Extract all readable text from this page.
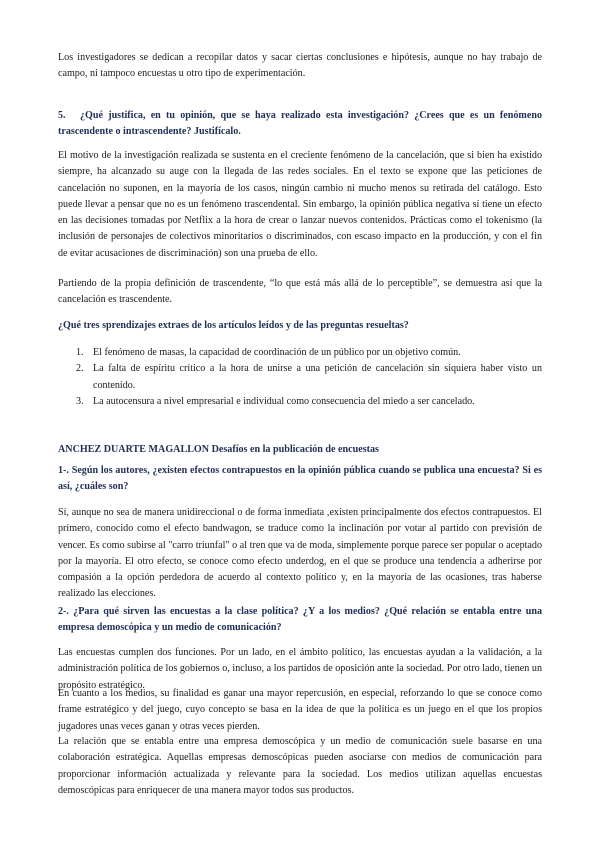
Los investigadores se dedican a recopilar datos y sacar ciertas conclusiones e hipótesis, aunque no hay trabajo de campo, ni tampoco encuestas u otro tipo de experimentación.

5. ¿Qué justifica, en tu opinión, que se haya realizado esta investigación? ¿Crees que es un fenómeno trascendente o intrascendente? Justifícalo.

El motivo de la investigación realizada se sustenta en el creciente fenómeno de la cancelación, que si bien ha existido siempre, ha alcanzado su auge con la llegada de las redes sociales. En el texto se expone que las peticiones de cancelación no suponen, en la mayoría de los casos, ningún cambio ni mucho menos su retirada del catálogo. Esto puede llevar a pensar que no es un fenómeno trascendental. Sin embargo, la opinión pública negativa sí tiene un efecto en las decisiones tomadas por Netflix a la hora de crear o lanzar nuevos contenidos. Prácticas como el tokenismo (la inclusión de personajes de colectivos minoritarios o discriminados, con escaso impacto en la producción, y con el fin de evitar acusaciones de discriminación) son una prueba de ello.

Partiendo de la propia definición de trascendente, “lo que está más allá de lo perceptible”, se demuestra así que la cancelación es trascendente.

¿Qué tres sprendizajes extraes de los artículos leídos y de las preguntas resueltas?

1. El fenómeno de masas, la capacidad de coordinación de un público por un objetivo común.
2. La falta de espíritu crítico a la hora de unirse a una petición de cancelación sin siquiera haber visto un contenido.
3. La autocensura a nivel empresarial e individual como consecuencia del miedo a ser cancelado.

ANCHEZ DUARTE MAGALLON Desafíos en la publicación de encuestas

1-. Según los autores, ¿existen efectos contrapuestos en la opinión pública cuando se publica una encuesta? Si es así, ¿cuáles son?

Sí, aunque no sea de manera unidireccional o de forma inmediata ,existen principalmente dos efectos contrapuestos. El primero, conocido como el efecto bandwagon, se traduce como la inclinación por votar al partido con previsión de vencer. Es como subirse al "carro triunfal" o al tren que va de moda, simplemente porque parece ser popular o aceptado por la mayoría. El otro efecto, se conoce como efecto underdog, en el que se produce una tendencia a adherirse por compasión a la opción perdedora de acuerdo al contexto político y, en la mayoría de las ocasiones, tras haberse realizado las elecciones.

2-. ¿Para qué sirven las encuestas a la clase política? ¿Y a los medios? ¿Qué relación se entabla entre una empresa demoscópica y un medio de comunicación?

Las encuestas cumplen dos funciones. Por un lado, en el ámbito político, las encuestas ayudan a la validación, a la administración política de los gobiernos o, incluso, a los partidos de oposición ante la sociedad. Por otro lado, tienen un propósito estratégico.

En cuanto a los medios, su finalidad es ganar una mayor repercusión, en especial, reforzando lo que se conoce como frame estratégico y del juego, cuyo concepto se basa en la idea de que la política es un juego en el que los propios jugadores unas veces ganan y otras veces pierden.

La relación que se entabla entre una empresa demoscópica y un medio de comunicación suele basarse en una colaboración estratégica. Aquellas empresas demoscópicas pueden asociarse con medios de comunicación para proporcionar información actualizada y relevante para la sociedad. Los medios utilizan aquellas encuestas demoscópicas para enriquecer de una manera mayor todos sus productos.
